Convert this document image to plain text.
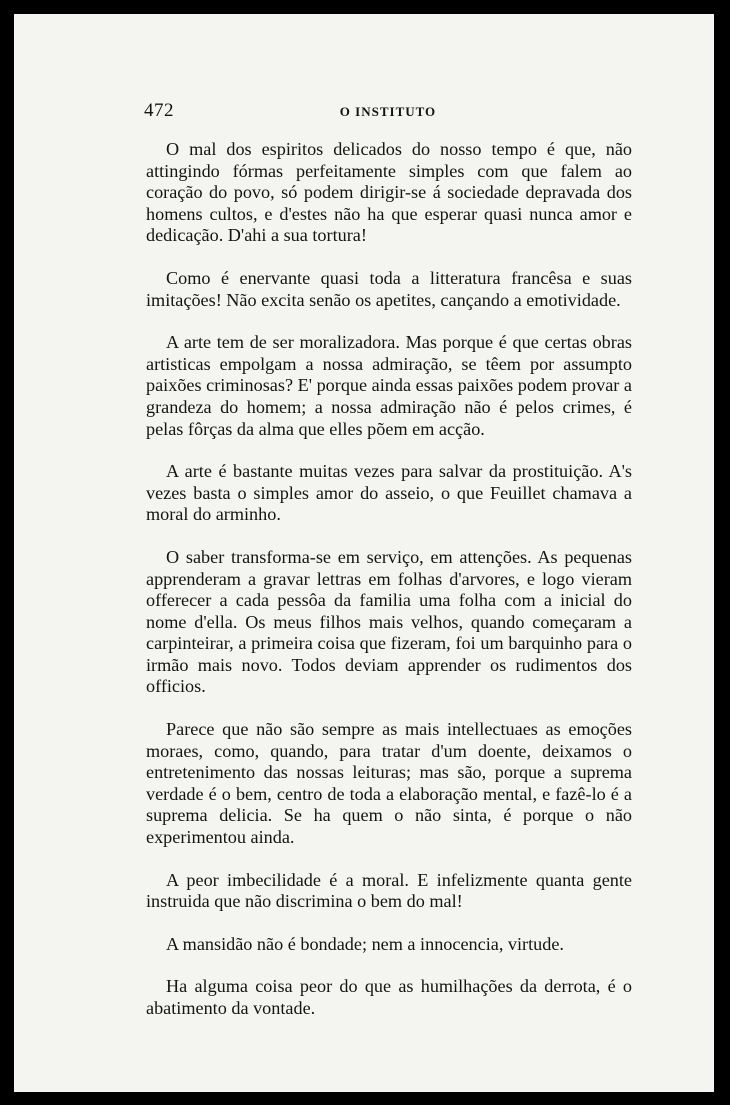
472	O INSTITUTO

O mal dos espiritos delicados do nosso tempo é que, não attingindo fórmas perfeitamente simples com que falem ao coração do povo, só podem dirigir-se á sociedade depravada dos homens cultos, e d'estes não ha que esperar quasi nunca amor e dedicação. D'ahi a sua tortura!

Como é enervante quasi toda a litteratura francêsa e suas imitações! Não excita senão os apetites, cançando a emotividade.

A arte tem de ser moralizadora. Mas porque é que certas obras artisticas empolgam a nossa admiração, se têem por assumpto paixões criminosas? E' porque ainda essas paixões podem provar a grandeza do homem; a nossa admiração não é pelos crimes, é pelas fôrças da alma que elles põem em acção.

A arte é bastante muitas vezes para salvar da prostituição. A's vezes basta o simples amor do asseio, o que Feuillet chamava a moral do arminho.

O saber transforma-se em serviço, em attenções. As pequenas apprenderam a gravar lettras em folhas d'arvores, e logo vieram offerecer a cada pessôa da familia uma folha com a inicial do nome d'ella. Os meus filhos mais velhos, quando começaram a carpinteirar, a primeira coisa que fizeram, foi um barquinho para o irmão mais novo. Todos deviam apprender os rudimentos dos officios.

Parece que não são sempre as mais intellectuaes as emoções moraes, como, quando, para tratar d'um doente, deixamos o entretenimento das nossas leituras; mas são, porque a suprema verdade é o bem, centro de toda a elaboração mental, e fazê-lo é a suprema delicia. Se ha quem o não sinta, é porque o não experimentou ainda.

A peor imbecilidade é a moral. E infelizmente quanta gente instruida que não discrimina o bem do mal!

A mansidão não é bondade; nem a innocencia, virtude.

Ha alguma coisa peor do que as humilhações da derrota, é o abatimento da vontade.
